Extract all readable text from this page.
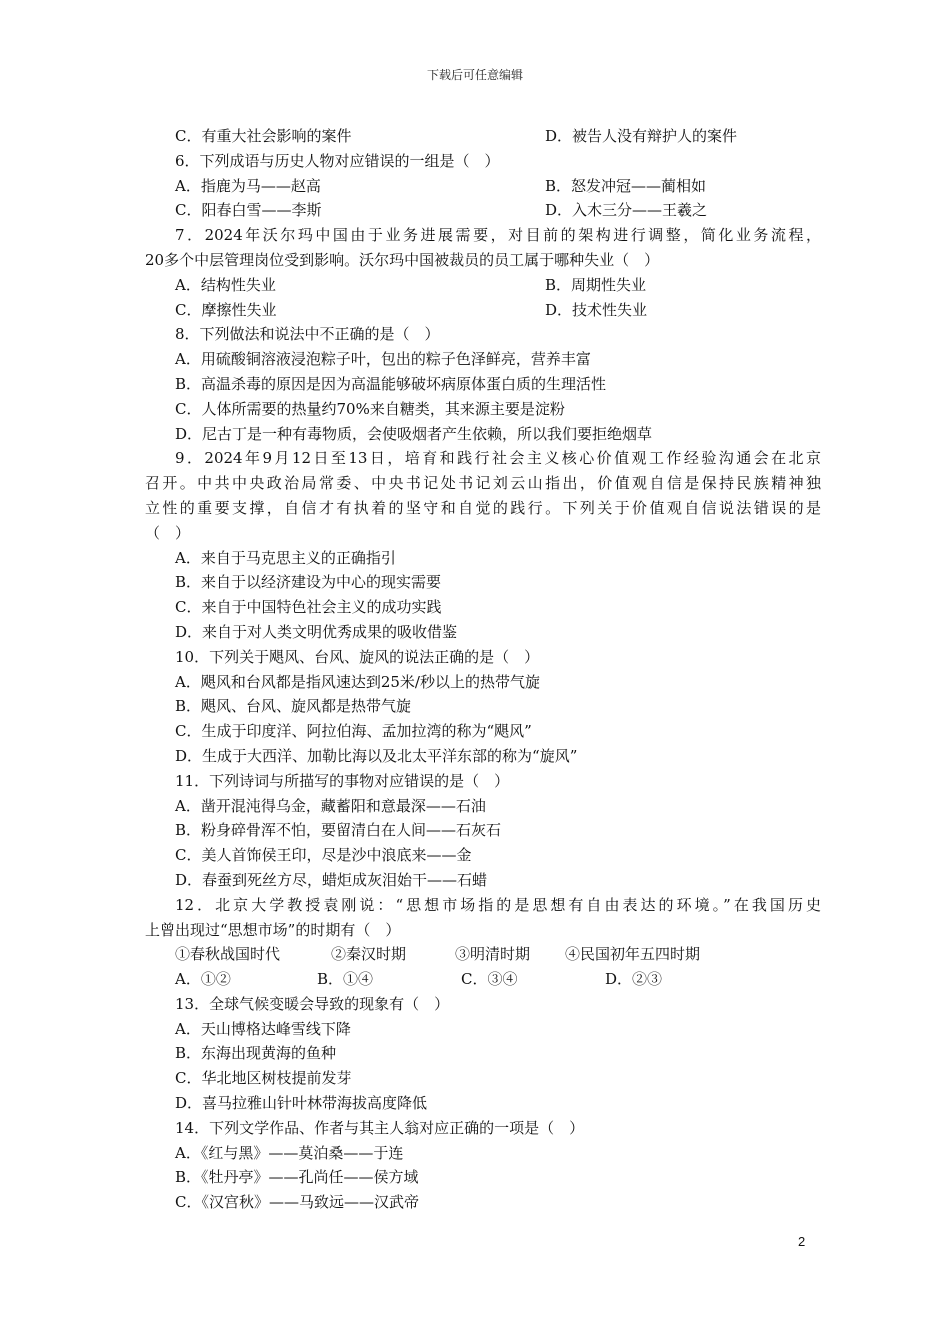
下载后可任意编辑
C．有重大社会影响的案件	D．被告人没有辩护人的案件
6．下列成语与历史人物对应错误的一组是（　）
A．指鹿为马——赵高	B．怒发冲冠——蔺相如
C．阳春白雪——李斯	D．入木三分——王羲之
7．2024年沃尔玛中国由于业务进展需要，对目前的架构进行调整，简化业务流程，
20多个中层管理岗位受到影响。沃尔玛中国被裁员的员工属于哪种失业（　）
A．结构性失业	B．周期性失业
C．摩擦性失业	D．技术性失业
8．下列做法和说法中不正确的是（　）
A．用硫酸铜溶液浸泡粽子叶，包出的粽子色泽鲜亮，营养丰富
B．高温杀毒的原因是因为高温能够破坏病原体蛋白质的生理活性
C．人体所需要的热量约70%来自糖类，其来源主要是淀粉
D．尼古丁是一种有毒物质，会使吸烟者产生依赖，所以我们要拒绝烟草
9．2024年9月12日至13日，培育和践行社会主义核心价值观工作经验沟通会在北京
召开。中共中央政治局常委、中央书记处书记刘云山指出，价值观自信是保持民族精神独
立性的重要支撑，自信才有执着的坚守和自觉的践行。下列关于价值观自信说法错误的是
（　）
A．来自于马克思主义的正确指引
B．来自于以经济建设为中心的现实需要
C．来自于中国特色社会主义的成功实践
D．来自于对人类文明优秀成果的吸收借鉴
10．下列关于飓风、台风、旋风的说法正确的是（　）
A．飓风和台风都是指风速达到25米/秒以上的热带气旋
B．飓风、台风、旋风都是热带气旋
C．生成于印度洋、阿拉伯海、孟加拉湾的称为“飓风”
D．生成于大西洋、加勒比海以及北太平洋东部的称为“旋风”
11．下列诗词与所描写的事物对应错误的是（　）
A．凿开混沌得乌金，藏蓄阳和意最深——石油
B．粉身碎骨浑不怕，要留清白在人间——石灰石
C．美人首饰侯王印，尽是沙中浪底来——金
D．春蚕到死丝方尽，蜡炬成灰泪始干——石蜡
12．北京大学教授袁刚说：“思想市场指的是思想有自由表达的环境。”在我国历史
上曾出现过“思想市场”的时期有（　）
①春秋战国时代	②秦汉时期	③明清时期 ④民国初年五四时期
A．①②	B．①④	C．③④	D．②③
13．全球气候变暖会导致的现象有（　）
A．天山博格达峰雪线下降
B．东海出现黄海的鱼种
C．华北地区树枝提前发芽
D．喜马拉雅山针叶林带海拔高度降低
14．下列文学作品、作者与其主人翁对应正确的一项是（　）
A．《红与黑》——莫泊桑——于连
B．《牡丹亭》——孔尚任——侯方域
C．《汉宫秋》——马致远——汉武帝
2
